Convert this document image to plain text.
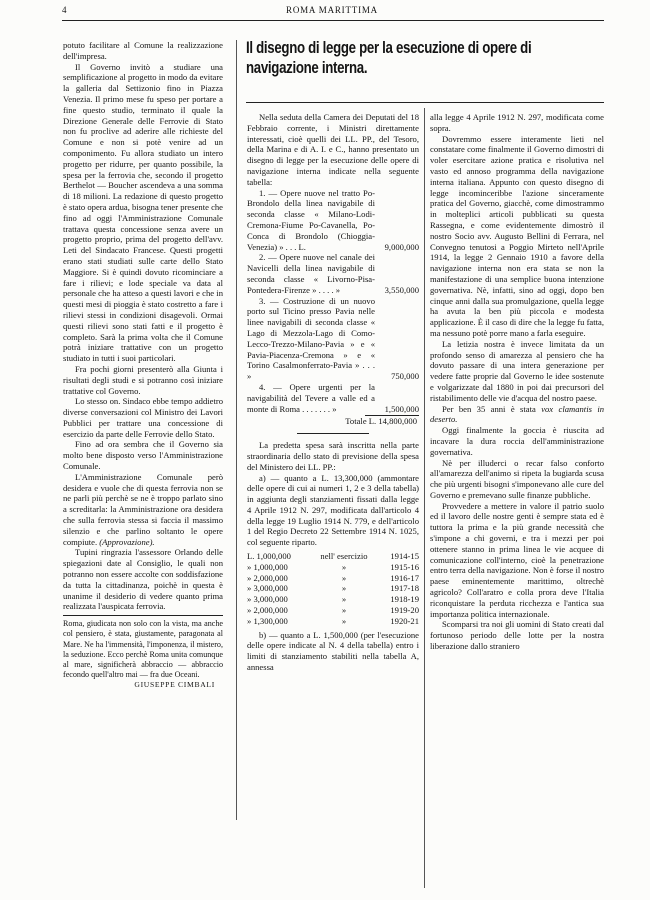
4	ROMA MARITTIMA

potuto facilitare al Comune la realizzazione dell'impresa.

Il Governo invitò a studiare una semplificazione al progetto in modo da evitare la galleria dal Settizonio fino in Piazza Venezia. Il primo mese fu speso per portare a fine questo studio, terminato il quale la Direzione Generale delle Ferrovie di Stato non fu proclive ad aderire alle richieste del Comune e non si potè venire ad un componimento. Fu allora studiato un intero progetto per ridurre, per quanto possibile, la spesa per la ferrovia che, secondo il progetto Berthelot — Boucher ascendeva a una somma di 18 milioni. La redazione di questo progetto è stato opera ardua, bisogna tener presente che fino ad oggi l'Amministrazione Comunale trattava questa concessione senza avere un progetto proprio, prima del progetto dell'avv. Leti del Sindacato Francese. Questi progetti erano stati studiati sulle carte dello Stato Maggiore. Si è quindi dovuto ricominciare a fare i rilievi; e lode speciale va data al personale che ha atteso a questi lavori e che in questi mesi di pioggia è stato costretto a fare i rilievi stessi in condizioni disagevoli. Ormai questi rilievi sono stati fatti e il progetto è completo. Sarà la prima volta che il Comune potrà iniziare trattative con un progetto studiato in tutti i suoi particolari.

Fra pochi giorni presenterò alla Giunta i risultati degli studi e si potranno così iniziare trattative col Governo.

Lo stesso on. Sindaco ebbe tempo addietro diverse conversazioni col Ministro dei Lavori Pubblici per trattare una concessione di esercizio da parte delle Ferrovie dello Stato.

Fino ad ora sembra che il Governo sia molto bene disposto verso l'Amministrazione Comunale.

L'Amministrazione Comunale però desidera e vuole che di questa ferrovia non se ne parli più perchè se ne è troppo parlato sino a screditarla: la Amministrazione ora desidera che sulla ferrovia stessa si faccia il massimo silenzio e che parlino soltanto le opere compiute. (Approvazione).

Tupini ringrazia l'assessore Orlando delle spiegazioni date al Consiglio, le quali non potranno non essere accolte con soddisfazione da tutta la cittadinanza, poichè in questa è unanime il desiderio di vedere quanto prima realizzata l'auspicata ferrovia.

Roma, giudicata non solo con la vista, ma anche col pensiero, è stata, giustamente, paragonata al Mare. Ne ha l'immensità, l'imponenza, il mistero, la seduzione. Ecco perchè Roma unita comunque al mare, significherà abbraccio — abbraccio fecondo quell'altro mai — fra due Oceani.

GIUSEPPE CIMBALI
Il disegno di legge per la esecuzione di opere di navigazione interna.

Nella seduta della Camera dei Deputati del 18 Febbraio corrente, i Ministri direttamente interessati, cioè quelli dei LL. PP., del Tesoro, della Marina e di A. I. e C., hanno presentato un disegno di legge per la esecuzione delle opere di navigazione interna indicate nella seguente tabella:

1. — Opere nuove nel tratto Po-Brondolo della linea navigabile di seconda classe « Milano-Lodi-Cremona-Fiume Po-Cavanella, Po-Conca di Brondolo (Chioggia-Venezia) » . . . L.	9,000,000
2. — Opere nuove nel canale dei Navicelli della linea navigabile di seconda classe « Livorno-Pisa-Pontedera-Firenze » . . . . »	3,550,000
3. — Costruzione di un nuovo porto sul Ticino presso Pavia nelle linee navigabili di seconda classe « Lago di Mezzola-Lago di Como-Lecco-Trezzo-Milano-Pavia » e « Pavia-Piacenza-Cremona » e « Torino Casalmonferrato-Pavia » . . . »	750,000
4. — Opere urgenti per la navigabilità del Tevere a valle ed a monte di Roma . . . . . . . »	1,500,000
Totale L. 14,800,000

La predetta spesa sarà inscritta nella parte straordinaria dello stato di previsione della spesa del Ministero dei LL. PP.:

a) — quanto a L. 13,300,000 (ammontare delle opere di cui ai numeri 1, 2 e 3 della tabella) in aggiunta degli stanziamenti fissati dalla legge 4 Aprile 1912 N. 297, modificata dall'articolo 4 della legge 19 Luglio 1914 N. 779, e dell'articolo 1 del Regio Decreto 22 Settembre 1914 N. 1025, col seguente riparto.

L. 1,000,000	nell' esercizio	1914-15
» 1,000,000	»	1915-16
» 2,000,000	»	1916-17
» 3,000,000	»	1917-18
» 3,000,000	»	1918-19
» 2,000,000	»	1919-20
» 1,300,000	»	1920-21

b) — quanto a L. 1,500,000 (per l'esecuzione delle opere indicate al N. 4 della tabella) entro i limiti di stanziamento stabiliti nella tabella A, annessa

alla legge 4 Aprile 1912 N. 297, modificata come sopra.

Dovremmo essere interamente lieti nel constatare come finalmente il Governo dimostri di voler esercitare azione pratica e risolutiva nel vasto ed annoso programma della navigazione interna italiana. Appunto con questo disegno di legge incominceribbe l'azione sinceramente pratica del Governo, giacchè, come dimostrammo in molteplici articoli pubblicati su questa Rassegna, e come evidentemente dimostrò il nostro Socio avv. Augusto Bellini di Ferrara, nel Convegno tenutosi a Poggio Mirteto nell'Aprile 1914, la legge 2 Gennaio 1910 a favore della navigazione interna non era stata se non la manifestazione di una semplice buona intenzione governativa. Nè, infatti, sino ad oggi, dopo ben cinque anni dalla sua promulgazione, quella legge ha avuta la ben più piccola e modesta applicazione. È il caso di dire che la legge fu fatta, ma nessuno potè porre mano a farla eseguire.

La letizia nostra è invece limitata da un profondo senso di amarezza al pensiero che ha dovuto passare di una intera generazione per vedere fatte proprie dal Governo le idee sostenute e volgarizzate dal 1880 in poi dai precursori del ristabilimento delle vie d'acqua del nostro paese.

Per ben 35 anni è stata vox clamantis in deserto.

Oggi finalmente la goccia è riuscita ad incavare la dura roccia dell'amministrazione governativa.

Nè per illuderci o recar falso conforto all'amarezza dell'animo si ripeta la bugiarda scusa che più urgenti bisogni s'imponevano alle cure del Governo e premevano sulle finanze pubbliche.

Provvedere a mettere in valore il patrio suolo ed il lavoro delle nostre genti è sempre stata ed è tuttora la prima e la più grande necessità che s'impone a chi governi, e tra i mezzi per poi ottenere stanno in prima linea le vie acquee di comunicazione coll'interno, cioè la penetrazione entro terra della navigazione. Non è forse il nostro paese eminentemente marittimo, oltrechè agricolo? Coll'aratro e colla prora deve l'Italia riconquistare la perduta ricchezza e l'antica sua importanza politica internazionale.

Scomparsi tra noi gli uomini di Stato creati dal fortunoso periodo delle lotte per la nostra liberazione dallo straniero
